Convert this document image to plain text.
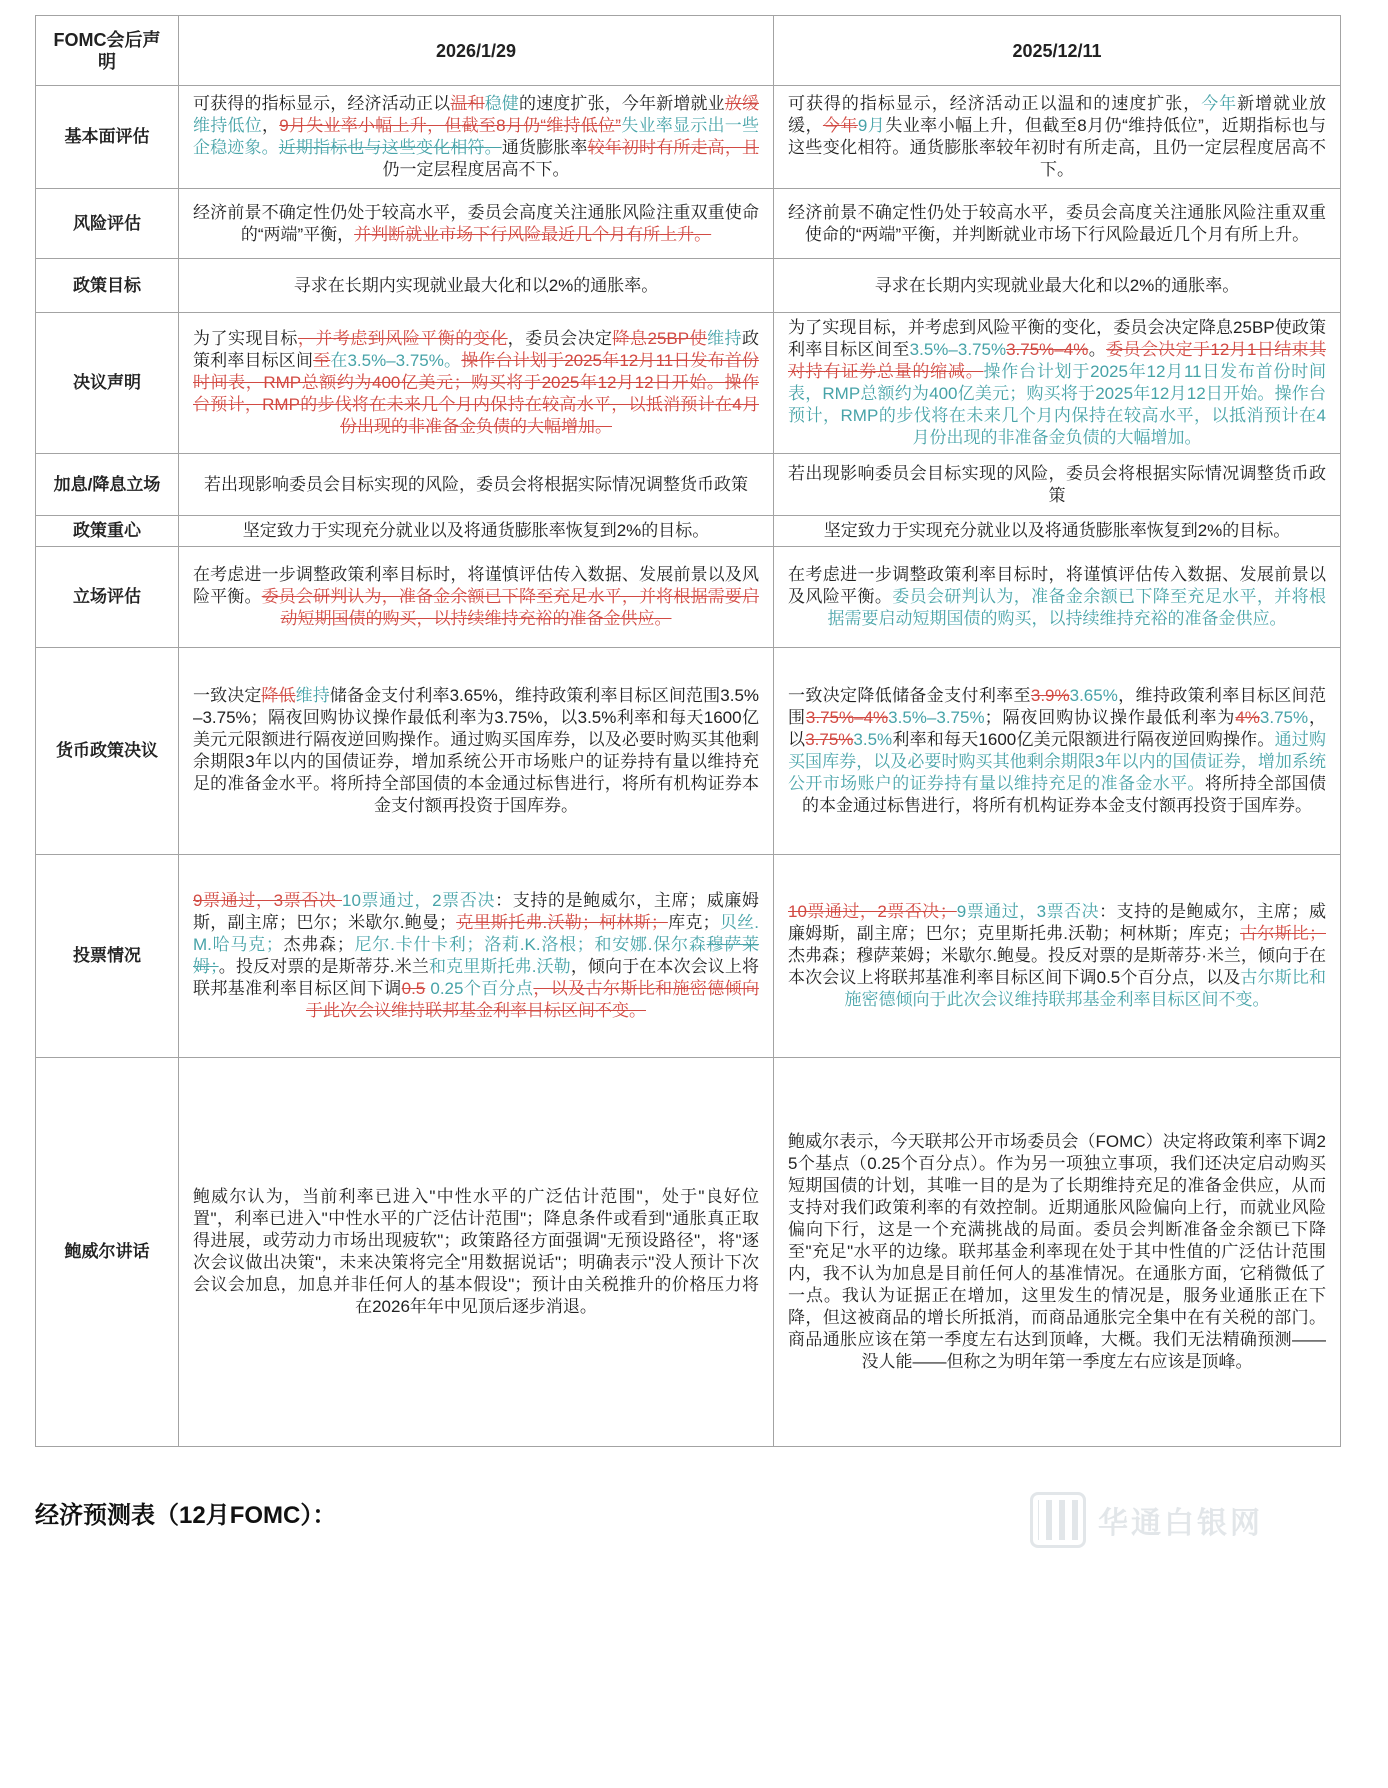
FOMC会后声明	2026/1/29	2025/12/11
基本面评估	可获得的指标显示，经济活动正以温和稳健的速度扩张，今年新增就业放缓维持低位，9月失业率小幅上升，但截至8月仍“维持低位”失业率显示出一些企稳迹象。近期指标也与这些变化相符。通货膨胀率较年初时有所走高，且仍一定层程度居高不下。	可获得的指标显示，经济活动正以温和的速度扩张，今年新增就业放缓，今年9月失业率小幅上升，但截至8月仍“维持低位”，近期指标也与这些变化相符。通货膨胀率较年初时有所走高，且仍一定层程度居高不下。
风险评估	经济前景不确定性仍处于较高水平，委员会高度关注通胀风险注重双重使命的“两端”平衡，并判断就业市场下行风险最近几个月有所上升。	经济前景不确定性仍处于较高水平，委员会高度关注通胀风险注重双重使命的“两端”平衡，并判断就业市场下行风险最近几个月有所上升。
政策目标	寻求在长期内实现就业最大化和以2%的通胀率。	寻求在长期内实现就业最大化和以2%的通胀率。
决议声明	为了实现目标，并考虑到风险平衡的变化，委员会决定降息25BP使维持政策利率目标区间至在3.5%–3.75%。操作台计划于2025年12月11日发布首份时间表，RMP总额约为400亿美元；购买将于2025年12月12日开始。操作台预计，RMP的步伐将在未来几个月内保持在较高水平，以抵消预计在4月份出现的非准备金负债的大幅增加。	为了实现目标，并考虑到风险平衡的变化，委员会决定降息25BP使政策利率目标区间至3.5%–3.75%3.75%–4%。委员会决定于12月1日结束其对持有证券总量的缩减。操作台计划于2025年12月11日发布首份时间表，RMP总额约为400亿美元；购买将于2025年12月12日开始。操作台预计，RMP的步伐将在未来几个月内保持在较高水平，以抵消预计在4月份出现的非准备金负债的大幅增加。
加息/降息立场	若出现影响委员会目标实现的风险，委员会将根据实际情况调整货币政策	若出现影响委员会目标实现的风险，委员会将根据实际情况调整货币政策
政策重心	坚定致力于实现充分就业以及将通货膨胀率恢复到2%的目标。	坚定致力于实现充分就业以及将通货膨胀率恢复到2%的目标。
立场评估	在考虑进一步调整政策利率目标时，将谨慎评估传入数据、发展前景以及风险平衡。委员会研判认为，准备金余额已下降至充足水平，并将根据需要启动短期国债的购买，以持续维持充裕的准备金供应。	在考虑进一步调整政策利率目标时，将谨慎评估传入数据、发展前景以及风险平衡。委员会研判认为，准备金余额已下降至充足水平，并将根据需要启动短期国债的购买，以持续维持充裕的准备金供应。
货币政策决议	一致决定降低维持储备金支付利率3.65%，维持政策利率目标区间范围3.5%–3.75%；隔夜回购协议操作最低利率为3.75%，以3.5%利率和每天1600亿美元元限额进行隔夜逆回购操作。通过购买国库券，以及必要时购买其他剩余期限3年以内的国债证券，增加系统公开市场账户的证券持有量以维持充足的准备金水平。将所持全部国债的本金通过标售进行，将所有机构证券本金支付额再投资于国库券。	一致决定降低储备金支付利率至3.9%3.65%，维持政策利率目标区间范围3.75%–4%3.5%–3.75%；隔夜回购协议操作最低利率为4%3.75%，以3.75%3.5%利率和每天1600亿美元限额进行隔夜逆回购操作。通过购买国库券，以及必要时购买其他剩余期限3年以内的国债证券，增加系统公开市场账户的证券持有量以维持充足的准备金水平。将所持全部国债的本金通过标售进行，将所有机构证券本金支付额再投资于国库券。
投票情况	9票通过，3票否决 10票通过，2票否决：支持的是鲍威尔，主席；威廉姆斯，副主席；巴尔；米歇尔.鲍曼；克里斯托弗.沃勒；柯林斯；库克；贝丝.M.哈马克；杰弗森；尼尔.卡什卡利；洛莉.K.洛根；和安娜.保尔森穆萨莱姆；。投反对票的是斯蒂芬.米兰和克里斯托弗.沃勒，倾向于在本次会议上将联邦基准利率目标区间下调0.5 0.25个百分点，以及古尔斯比和施密德倾向于此次会议维持联邦基金利率目标区间不变。	10票通过，2票否决；9票通过，3票否决：支持的是鲍威尔，主席；威廉姆斯，副主席；巴尔；克里斯托弗.沃勒；柯林斯；库克；古尔斯比；杰弗森；穆萨莱姆；米歇尔.鲍曼。投反对票的是斯蒂芬·米兰，倾向于在本次会议上将联邦基准利率目标区间下调0.5个百分点，以及古尔斯比和施密德倾向于此次会议维持联邦基金利率目标区间不变。
鲍威尔讲话	鲍威尔认为，当前利率已进入"中性水平的广泛估计范围"，处于"良好位置"，利率已进入"中性水平的广泛估计范围"；降息条件或看到"通胀真正取得进展，或劳动力市场出现疲软"；政策路径方面强调"无预设路径"，将"逐次会议做出决策"，未来决策将完全"用数据说话"；明确表示"没人预计下次会议会加息，加息并非任何人的基本假设"；预计由关税推升的价格压力将在2026年年中见顶后逐步消退。	鲍威尔表示，今天联邦公开市场委员会（FOMC）决定将政策利率下调25个基点（0.25个百分点）。作为另一项独立事项，我们还决定启动购买短期国债的计划，其唯一目的是为了长期维持充足的准备金供应，从而支持对我们政策利率的有效控制。近期通胀风险偏向上行，而就业风险偏向下行，这是一个充满挑战的局面。委员会判断准备金余额已下降至"充足"水平的边缘。联邦基金利率现在处于其中性值的广泛估计范围内，我不认为加息是目前任何人的基准情况。在通胀方面，它稍微低了一点。我认为证据正在增加，这里发生的情况是，服务业通胀正在下降，但这被商品的增长所抵消，而商品通胀完全集中在有关税的部门。商品通胀应该在第一季度左右达到顶峰，大概。我们无法精确预测——没人能——但称之为明年第一季度左右应该是顶峰。
经济预测表（12月FOMC）：	华通白银网
